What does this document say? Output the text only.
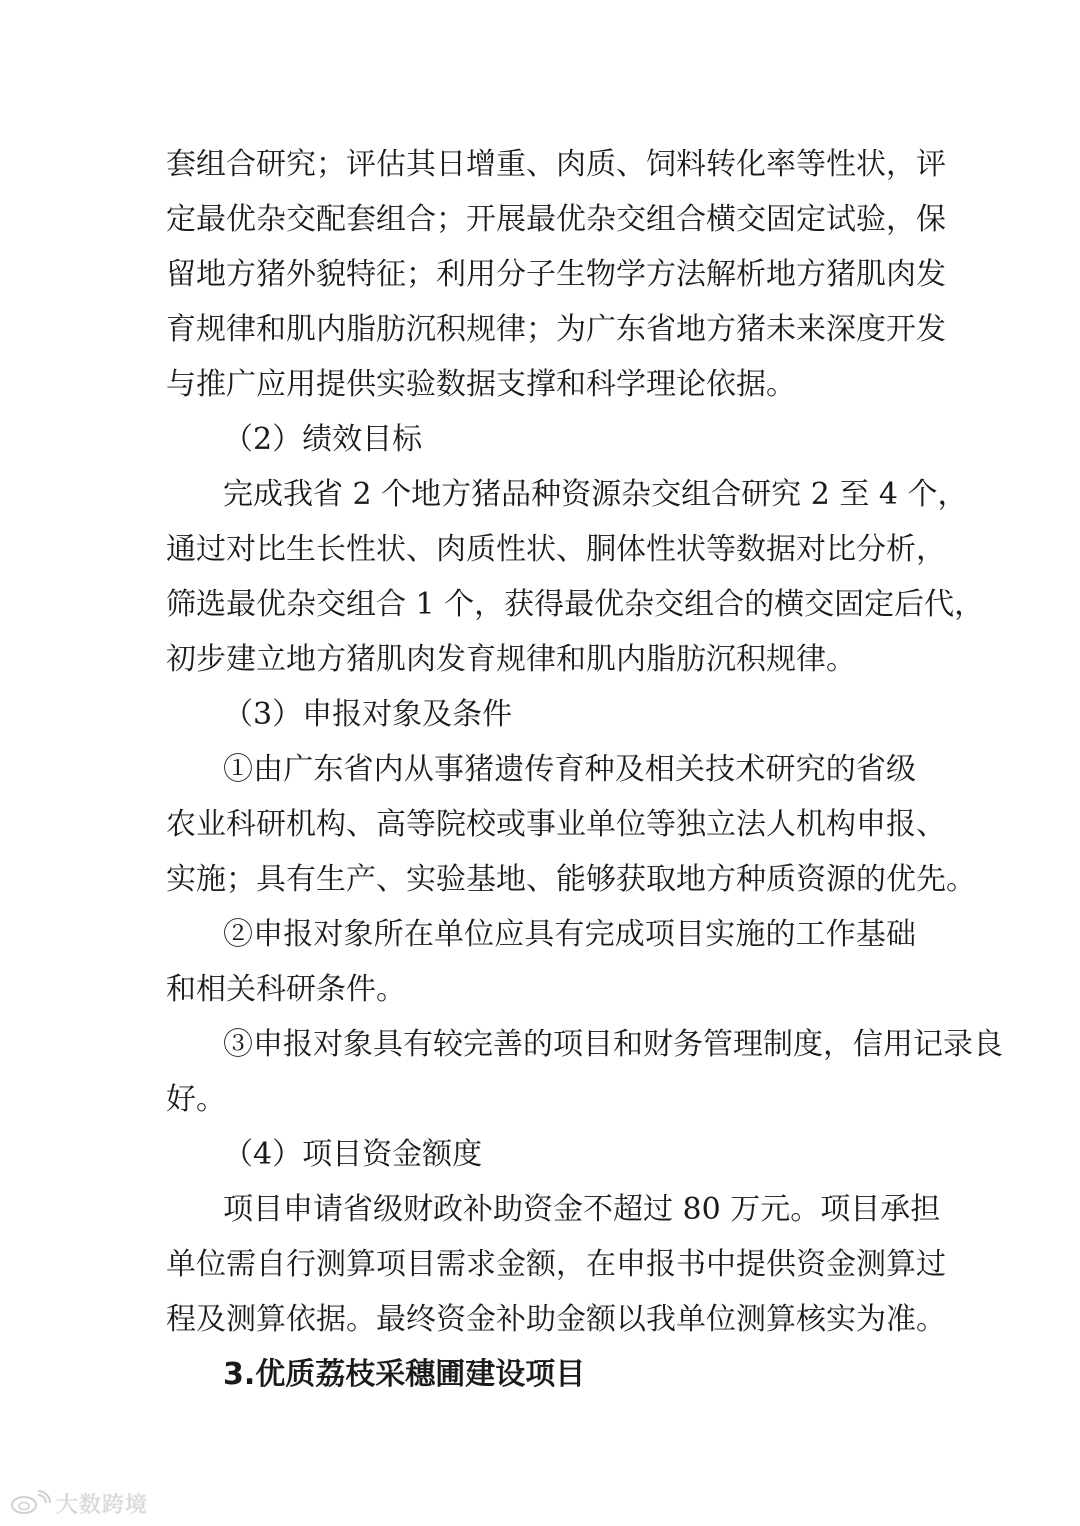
套组合研究；评估其日增重、肉质、饲料转化率等性状，评
定最优杂交配套组合；开展最优杂交组合横交固定试验，保
留地方猪外貌特征；利用分子生物学方法解析地方猪肌肉发
育规律和肌内脂肪沉积规律；为广东省地方猪未来深度开发
与推广应用提供实验数据支撑和科学理论依据。
（2）绩效目标
完成我省 2 个地方猪品种资源杂交组合研究 2 至 4 个，
通过对比生长性状、肉质性状、胴体性状等数据对比分析，
筛选最优杂交组合 1 个，获得最优杂交组合的横交固定后代，
初步建立地方猪肌肉发育规律和肌内脂肪沉积规律。
（3）申报对象及条件
①由广东省内从事猪遗传育种及相关技术研究的省级
农业科研机构、高等院校或事业单位等独立法人机构申报、
实施；具有生产、实验基地、能够获取地方种质资源的优先。
②申报对象所在单位应具有完成项目实施的工作基础
和相关科研条件。
③申报对象具有较完善的项目和财务管理制度，信用记录良
好。
（4）项目资金额度
项目申请省级财政补助资金不超过 80 万元。项目承担
单位需自行测算项目需求金额，在申报书中提供资金测算过
程及测算依据。最终资金补助金额以我单位测算核实为准。
3.优质荔枝采穗圃建设项目
大数跨境
